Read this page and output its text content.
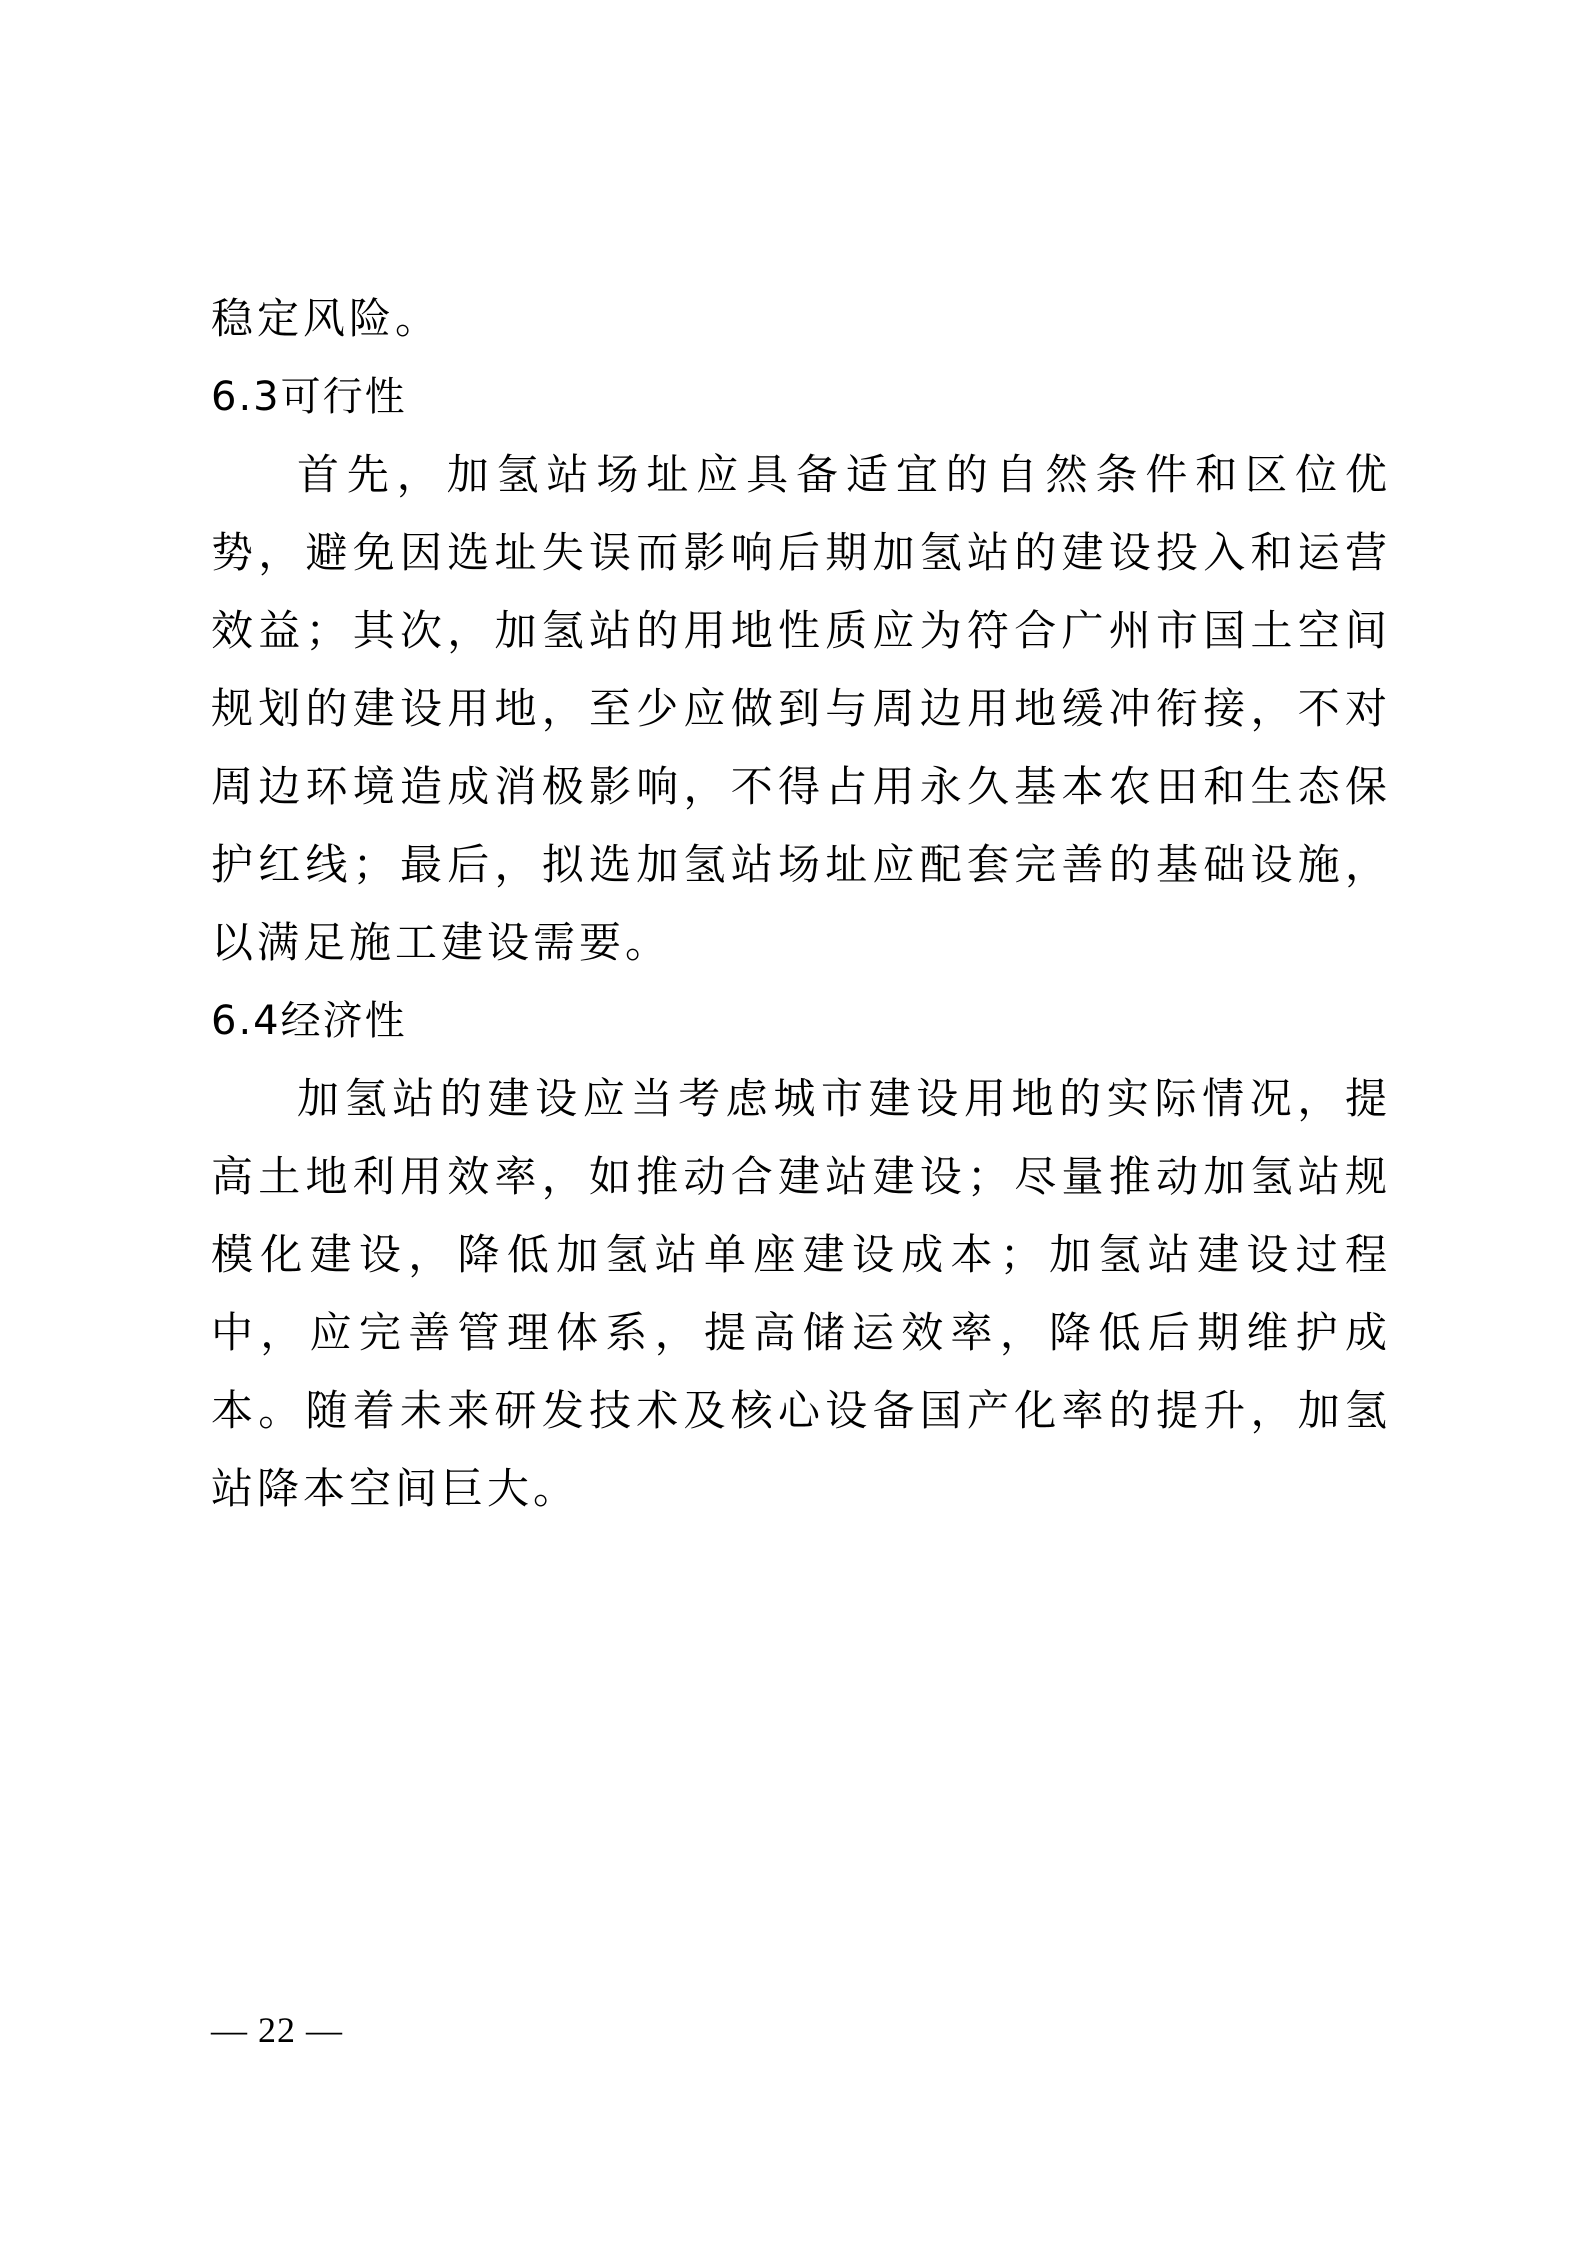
稳定风险。

6.3可行性

首先，加氢站场址应具备适宜的自然条件和区位优势，避免因选址失误而影响后期加氢站的建设投入和运营效益；其次，加氢站的用地性质应为符合广州市国土空间规划的建设用地，至少应做到与周边用地缓冲衔接，不对周边环境造成消极影响，不得占用永久基本农田和生态保护红线；最后，拟选加氢站场址应配套完善的基础设施，以满足施工建设需要。

6.4经济性

加氢站的建设应当考虑城市建设用地的实际情况，提高土地利用效率，如推动合建站建设；尽量推动加氢站规模化建设，降低加氢站单座建设成本；加氢站建设过程中，应完善管理体系，提高储运效率，降低后期维护成本。随着未来研发技术及核心设备国产化率的提升，加氢站降本空间巨大。

— 22 —
